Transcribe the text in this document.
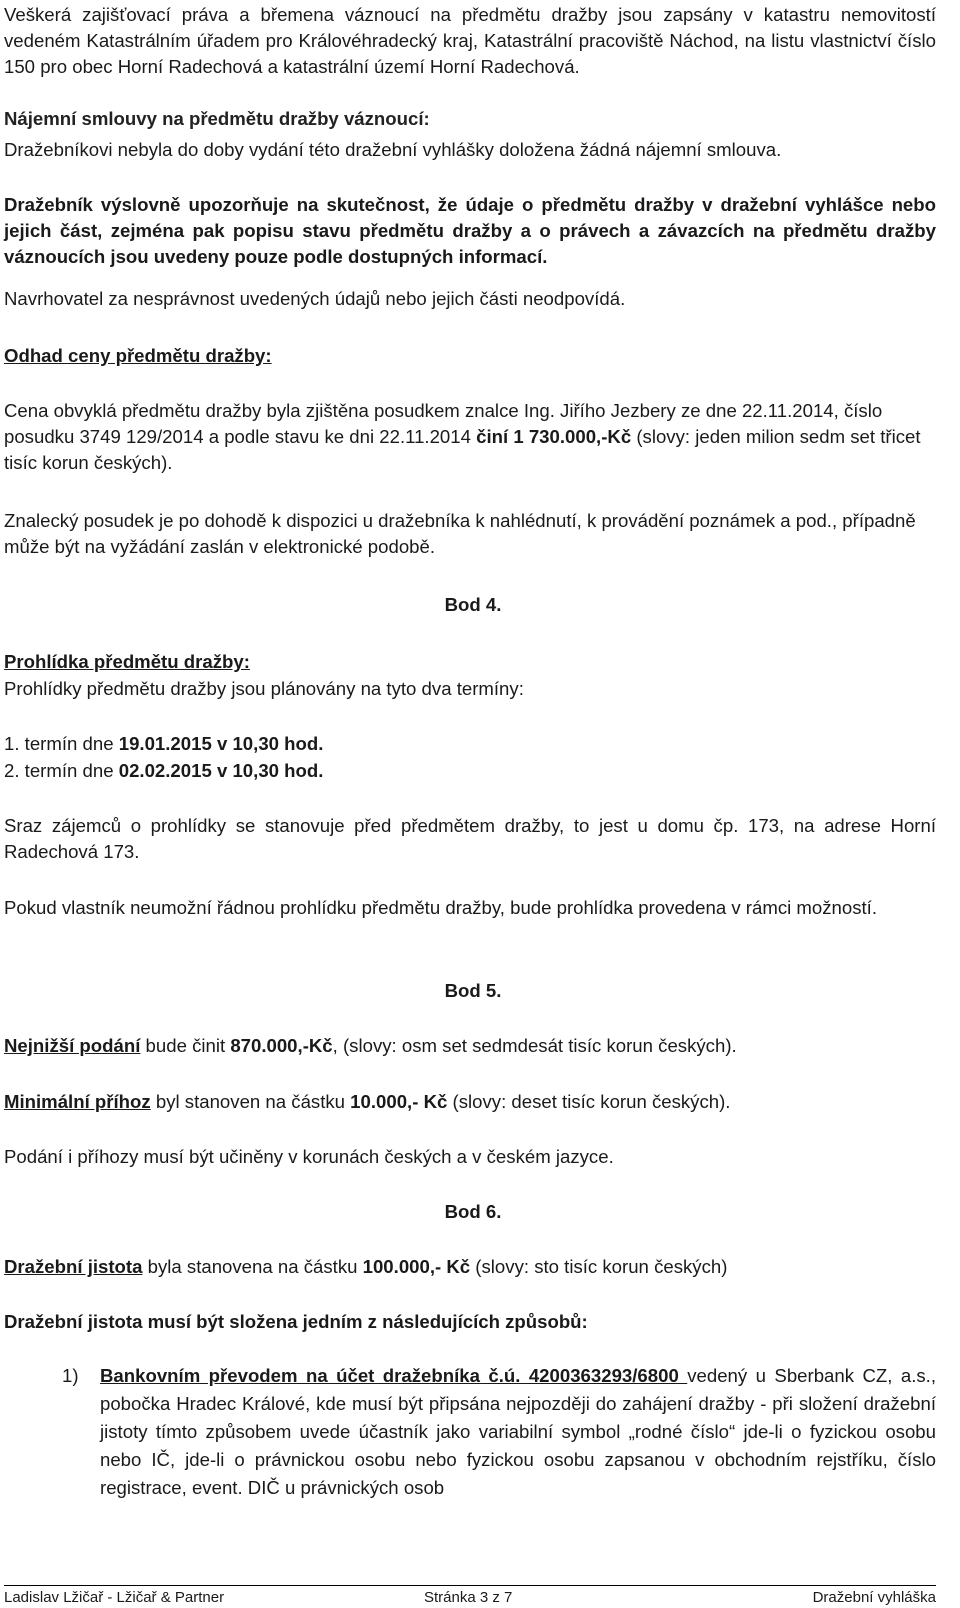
Veškerá zajišťovací práva a břemena váznoucí na předmětu dražby jsou zapsány v katastru nemovitostí vedeném Katastrálním úřadem pro Královéhradecký kraj, Katastrální pracoviště Náchod, na listu vlastnictví číslo 150 pro obec Horní Radechová a katastrální území Horní Radechová.

Nájemní smlouvy na předmětu dražby váznoucí:

Dražebníkovi nebyla do doby vydání této dražební vyhlášky doložena žádná nájemní smlouva.

Dražebník výslovně upozorňuje na skutečnost, že údaje o předmětu dražby v dražební vyhlášce nebo jejich část, zejména pak popisu stavu předmětu dražby a o právech a závazcích na předmětu dražby váznoucích jsou uvedeny pouze podle dostupných informací.

Navrhovatel za nesprávnost uvedených údajů nebo jejich části neodpovídá.

Odhad ceny předmětu dražby:

Cena obvyklá předmětu dražby byla zjištěna posudkem znalce Ing. Jiřího Jezbery ze dne 22.11.2014, číslo posudku 3749 129/2014 a podle stavu ke dni 22.11.2014 činí 1 730.000,-Kč (slovy: jeden milion sedm set třicet tisíc korun českých).

Znalecký posudek je po dohodě k dispozici u dražebníka k nahlédnutí, k provádění poznámek a pod., případně může být na vyžádání zaslán v elektronické podobě.

Bod 4.

Prohlídka předmětu dražby:

Prohlídky předmětu dražby jsou plánovány na tyto dva termíny:

1. termín dne 19.01.2015 v 10,30 hod.

2. termín dne 02.02.2015 v 10,30 hod.

Sraz zájemců o prohlídky se stanovuje před předmětem dražby, to jest u domu čp. 173, na adrese Horní Radechová 173.

Pokud vlastník neumožní řádnou prohlídku předmětu dražby, bude prohlídka provedena v rámci možností.

Bod 5.

Nejnižší podání bude činit 870.000,-Kč, (slovy: osm set sedmdesát tisíc korun českých).

Minimální příhoz byl stanoven na částku 10.000,- Kč (slovy: deset tisíc korun českých).

Podání i příhozy musí být učiněny v korunách českých a v českém jazyce.

Bod 6.

Dražební jistota byla stanovena na částku 100.000,- Kč (slovy: sto tisíc korun českých)

Dražební jistota musí být složena jedním z následujících způsobů:

1) Bankovním převodem na účet dražebníka č.ú. 4200363293/6800 vedený u Sberbank CZ, a.s., pobočka Hradec Králové, kde musí být připsána nejpozději do zahájení dražby - při složení dražební jistoty tímto způsobem uvede účastník jako variabilní symbol „rodné číslo“ jde-li o fyzickou osobu nebo IČ, jde-li o právnickou osobu nebo fyzickou osobu zapsanou v obchodním rejstříku, číslo registrace, event. DIČ u právnických osob

Ladislav Lžičař - Lžičař & Partner	Stránka 3 z 7	Dražební vyhláška
